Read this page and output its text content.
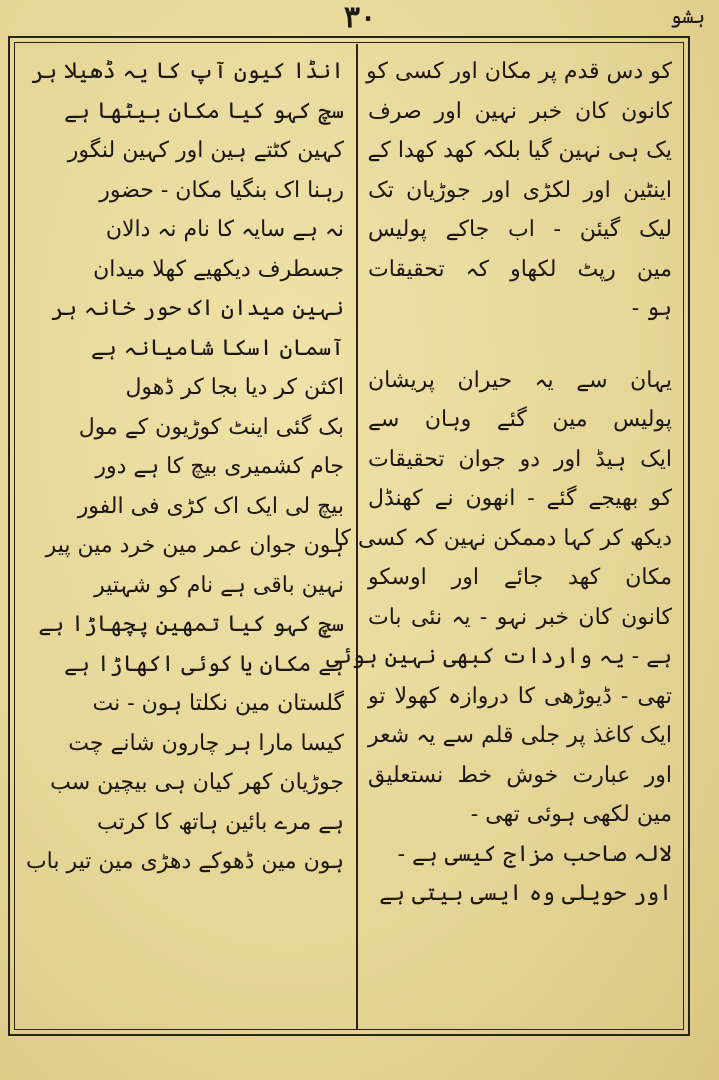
ہشو
۳۰
کو دس قدم پر مکان اور کسی کو
کانون کان خبر نہین اور صرف
یک ہی نہین گیا بلکہ کھد کھدا کے
اینٹین اور لکڑی اور جوڑیان تک
لیک گیئن - اب جاکے پولیس
مین رپٹ لکھاو کہ تحقیقات
ہو -
یہان سے یہ حیران پریشان
پولیس مین گئے وہان سے
ایک ہیڈ اور دو جوان تحقیقات
کو بھیجے گئے - انھون نے کھنڈل
دیکھ کر کہا دممکن نہین کہ کسی کا
مکان کھد جائے اور اوسکو
کانون کان خبر نہو - یہ نئی بات
ہے - یہ واردات کبھی نہین ہوئی
تھی - ڈیوڑھی کا دروازہ کھولا تو
ایک کاغذ پر جلی قلم سے یہ شعر
اور عبارت خوش خط نستعلیق
مین لکھی ہوئی تھی -
لالہ صاحب مزاج کیسی ہے -
اور حویلی وہ ایسی بیتی ہے
انڈا کیون آپ کا یہ ڈھیلا ہر
سچ کہو کیا مکان بیٹھا ہے
کہین کٹتے ہین اور کہین لنگور
رہنا اک بنگیا مکان - حضور
نہ ہے سایہ کا نام نہ دالان
جسطرف دیکھیے کھلا میدان
نہین میدان اک حور خانہ ہر
آسمان اسکا شامیانہ ہے
اکثن کر دیا بجا کر ڈھول
بک گئی اینٹ کوڑیون کے مول
جام کشمیری بیچ کا ہے دور
بیچ لی ایک اک کڑی فی الفور
ہون جوان عمر مین خرد مین پیر
نہین باقی ہے نام کو شہتیر
سچ کہو کیا تمھین پچھاڑا ہے
ہے مکان یا کوئی اکھاڑا ہے
گلستان مین نکلتا ہون - نت
کیسا مارا ہر چارون شانے چت
جوڑیان کھر کیان ہی بیچین سب
ہے مرے بائین ہاتھ کا کرتب
ہون مین ڈھوکے دھڑی مین تیر باب
